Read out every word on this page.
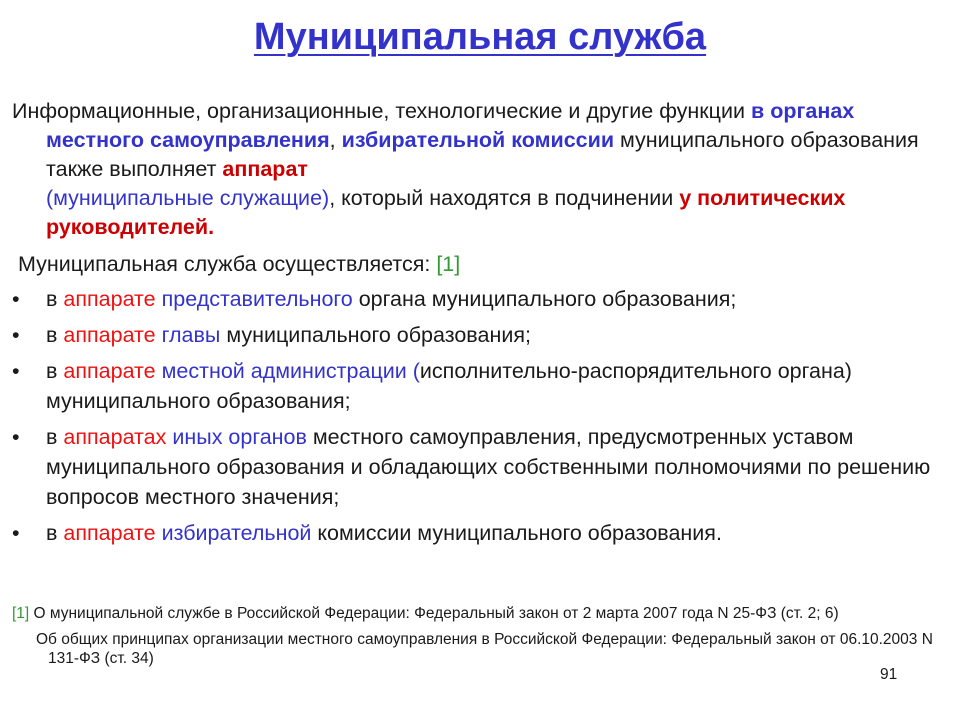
Муниципальная служба
Информационные, организационные, технологические и другие функции в органах местного самоуправления, избирательной комиссии муниципального образования также выполняет аппарат
(муниципальные служащие), который находятся в подчинении у политических руководителей.
Муниципальная служба осуществляется: [1]
• в аппарате представительного органа муниципального образования;
• в аппарате главы муниципального образования;
• в аппарате местной администрации (исполнительно-распорядительного органа) муниципального образования;
• в аппаратах иных органов местного самоуправления, предусмотренных уставом муниципального образования и обладающих собственными полномочиями по решению вопросов местного значения;
• в аппарате избирательной комиссии муниципального образования.
[1] О муниципальной службе в Российской Федерации: Федеральный закон от 2 марта 2007 года N 25-ФЗ (ст. 2; 6)
Об общих принципах организации местного самоуправления в Российской Федерации: Федеральный закон от 06.10.2003 N 131-ФЗ (ст. 34)
91
